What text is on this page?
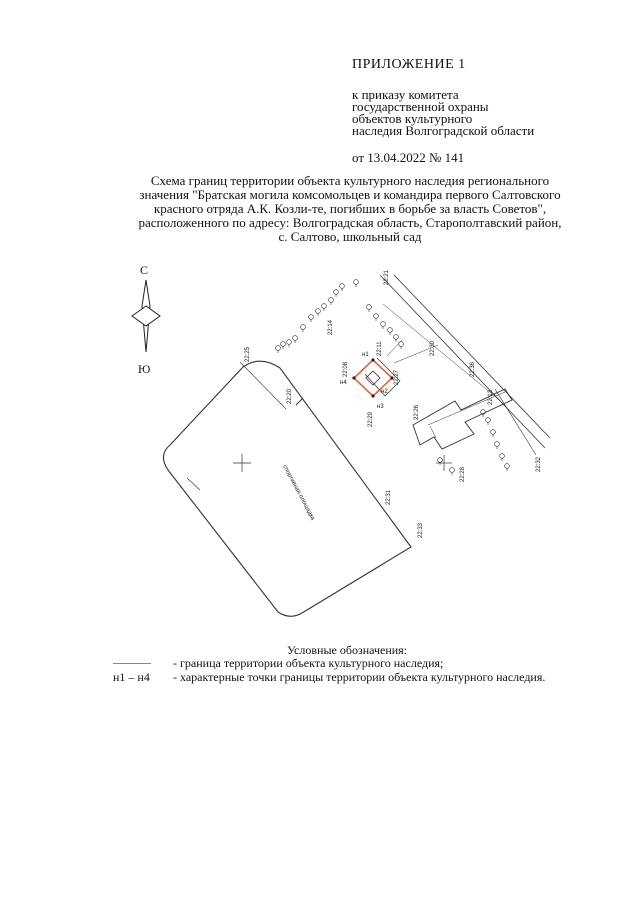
ПРИЛОЖЕНИЕ 1
к приказу комитета
государственной охраны
объектов культурного
наследия Волгоградской области
от 13.04.2022 № 141
Схема границ территории объекта культурного наследия регионального
значения "Братская могила комсомольцев и командира первого Салтовского
красного отряда А.К. Козли-те, погибших в борьбе за власть Советов",
расположенного по адресу: Волгоградская область, Старополтавский район,
с. Салтово, школьный сад
С
Ю
н1
н2
н3
н4
спортивная площадка
22:25
22:20
22:14
22:31
22:33
22:08
22:11
22:27
22:29	22:26
22:13
22:28
22:32
22:21
22:30
22:36
Условные обозначения:
- граница территории объекта культурного наследия;
н1 – н4 - характерные точки границы территории объекта культурного наследия.
